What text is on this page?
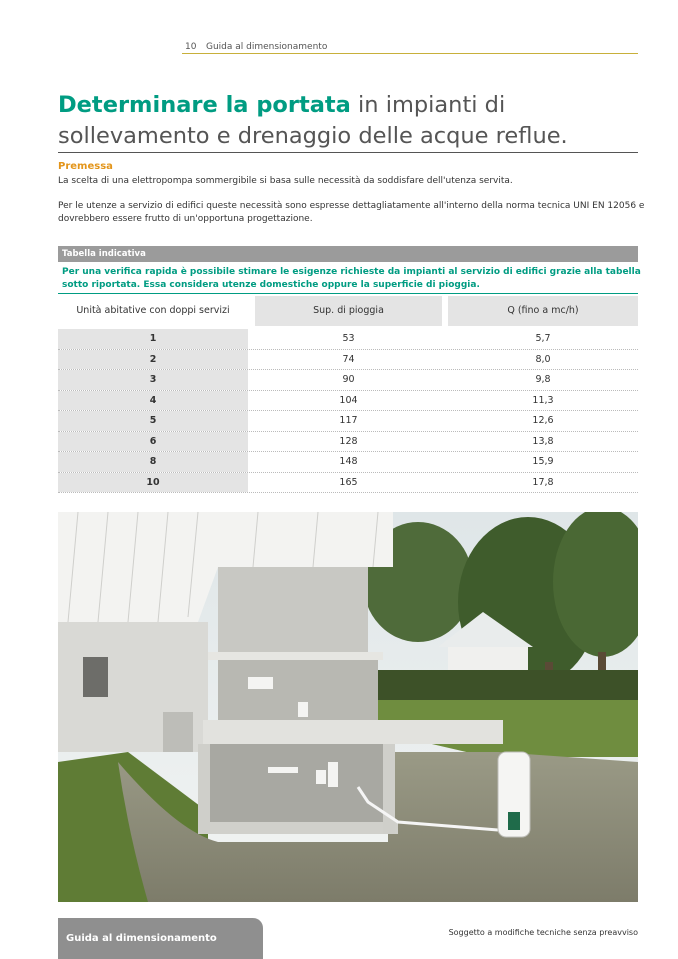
10 Guida al dimensionamento
Determinare la portata in impianti di sollevamento e drenaggio delle acque reflue.
Premessa
La scelta di una elettropompa sommergibile si basa sulle necessità da soddisfare dell'utenza servita.
Per le utenze a servizio di edifici queste necessità sono espresse dettagliatamente all'interno della norma tecnica UNI EN 12056 e dovrebbero essere frutto di un'opportuna progettazione.
Tabella indicativa
Per una verifica rapida è possibile stimare le esigenze richieste da impianti al servizio di edifici grazie alla tabella sotto riportata. Essa considera utenze domestiche oppure la superficie di pioggia.
Unità abitative con doppi servizi	Sup. di pioggia	Q (fino a mc/h)
1	53	5,7
2	74	8,0
3	90	9,8
4	104	11,3
5	117	12,6
6	128	13,8
8	148	15,9
10	165	17,8
Guida al dimensionamento
Soggetto a modifiche tecniche senza preavviso
